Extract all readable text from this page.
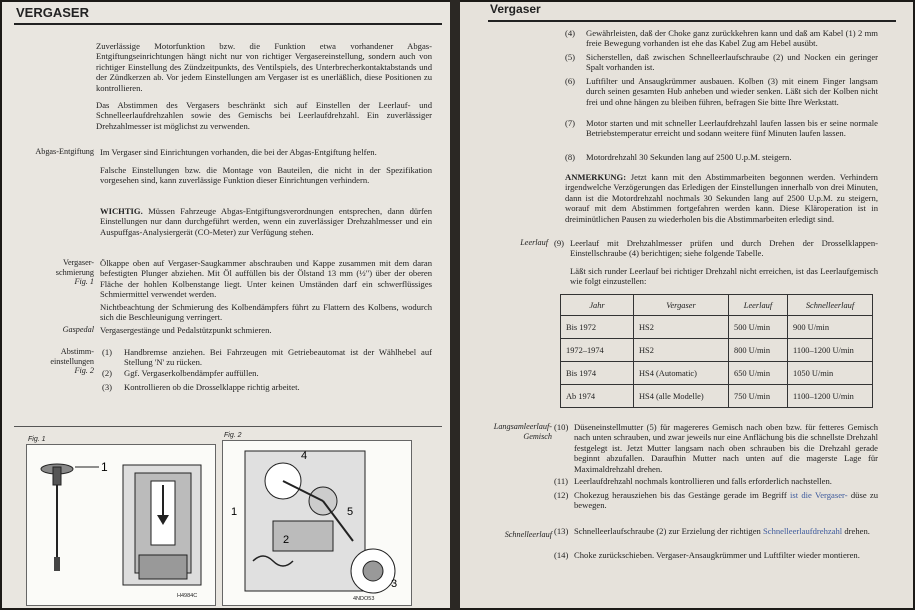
VERGASER
Zuverlässige Motorfunktion bzw. die Funktion etwa vorhandener Abgas-Entgiftungseinrichtungen hängt nicht nur von richtiger Vergasereinstellung, sondern auch von richtiger Einstellung des Zündzeitpunkts, des Ventilspiels, des Unterbrecherkontaktabstands und der Zündkerzen ab. Vor jedem Einstellungen am Vergaser ist es unerläßlich, diese Positionen zu kontrollieren.
Das Abstimmen des Vergasers beschränkt sich auf Einstellen der Leerlauf- und Schnelleerlaufdrehzahlen sowie des Gemischs bei Leerlaufdrehzahl. Ein zuverlässiger Drehzahlmesser ist möglichst zu verwenden.
Abgas-Entgiftung Im Vergaser sind Einrichtungen vorhanden, die bei der Abgas-Entgiftung helfen.
Falsche Einstellungen bzw. die Montage von Bauteilen, die nicht in der Spezifikation vorgesehen sind, kann zuverlässige Funktion dieser Einrichtungen verhindern.
WICHTIG. Müssen Fahrzeuge Abgas-Entgiftungsverordnungen entsprechen, dann dürfen Einstellungen nur dann durchgeführt werden, wenn ein zuverlässiger Drehzahlmesser und ein Auspuffgas-Analysiergerät (CO-Meter) zur Verfügung stehen.
Vergaser-
schmierung
Fig. 1
Ölkappe oben auf Vergaser-Saugkammer abschrauben und Kappe zusammen mit dem daran befestigten Plunger abziehen. Mit Öl auffüllen bis der Ölstand 13 mm (½") über der oberen Fläche der hohlen Kolbenstange liegt. Unter keinen Umständen darf ein schwerflüssiges Schmiermittel verwendet werden.
Nichtbeachtung der Schmierung des Kolbendämpfers führt zu Flattern des Kolbens, wodurch sich die Beschleunigung verringert.
Gaspedal Vergasergestänge und Pedalstützpunkt schmieren.
Abstimm-
einstellungen
Fig. 2
(1) Handbremse anziehen. Bei Fahrzeugen mit Getriebeautomat ist der Wählhebel auf Stellung 'N' zu rücken.
(2) Ggf. Vergaserkolbendämpfer auffüllen.
(3) Kontrollieren ob die Drosselklappe richtig arbeitet.
Fig. 1
1
H4984C
Fig. 2
4
5
1
2
3
4NDO53
Vergaser
(4) Gewährleisten, daß der Choke ganz zurückkehren kann und daß am Kabel (1) 2 mm freie Bewegung vorhanden ist ehe das Kabel Zug am Hebel ausübt.
(5) Sicherstellen, daß zwischen Schnelleerlaufschraube (2) und Nocken ein geringer Spalt vorhanden ist.
(6) Luftfilter und Ansaugkrümmer ausbauen. Kolben (3) mit einem Finger langsam durch seinen gesamten Hub anheben und wieder senken. Läßt sich der Kolben nicht frei und ohne hängen zu bleiben führen, befragen Sie bitte Ihre Werkstatt.
(7) Motor starten und mit schneller Leerlaufdrehzahl laufen lassen bis er seine normale Betriebstemperatur erreicht und sodann weitere fünf Minuten laufen lassen.
(8) Motordrehzahl 30 Sekunden lang auf 2500 U.p.M. steigern.
ANMERKUNG: Jetzt kann mit den Abstimmarbeiten begonnen werden. Verhindern irgendwelche Verzögerungen das Erledigen der Einstellungen innerhalb von drei Minuten, dann ist die Motordrehzahl nochmals 30 Sekunden lang auf 2500 U.p.M. zu steigern, worauf mit dem Abstimmen fortgefahren werden kann. Diese Kläroperation ist in dreiminütlichen Pausen zu wiederholen bis die Abstimmarbeiten erledigt sind.
Leerlauf (9) Leerlauf mit Drehzahlmesser prüfen und durch Drehen der Drosselklappen-Einstellschraube (4) berichtigen; siehe folgende Tabelle.
Läßt sich runder Leerlauf bei richtiger Drehzahl nicht erreichen, ist das Leerlaufgemisch wie folgt einzustellen:
Jahr	Vergaser	Leerlauf	Schnelleerlauf
Bis 1972	HS2	500 U/min	900 U/min
1972–1974	HS2	800 U/min	1100–1200 U/min
Bis 1974	HS4 (Automatic)	650 U/min	1050 U/min
Ab 1974	HS4 (alle Modelle)	750 U/min	1100–1200 U/min
Langsamleerlauf-
Gemisch
(10) Düseneinstellmutter (5) für magereres Gemisch nach oben bzw. für fetteres Gemisch nach unten schrauben, und zwar jeweils nur eine Anflächung bis die schnellste Drehzahl festgelegt ist. Jetzt Mutter langsam nach oben schrauben bis die Drehzahl gerade beginnt abzufallen. Daraufhin Mutter nach unten auf die magerste Lage für Maximaldrehzahl drehen.
(11) Leerlaufdrehzahl nochmals kontrollieren und falls erforderlich nachstellen.
(12) Chokezug herausziehen bis das Gestänge gerade im Begriff ist die Vergaser- düse zu bewegen.
Schnelleerlauf (13) Schnelleerlaufschraube (2) zur Erzielung der richtigen Schnelleerlaufdrehzahl drehen.
(14) Choke zurückschieben. Vergaser-Ansaugkrümmer und Luftfilter wieder montieren.
